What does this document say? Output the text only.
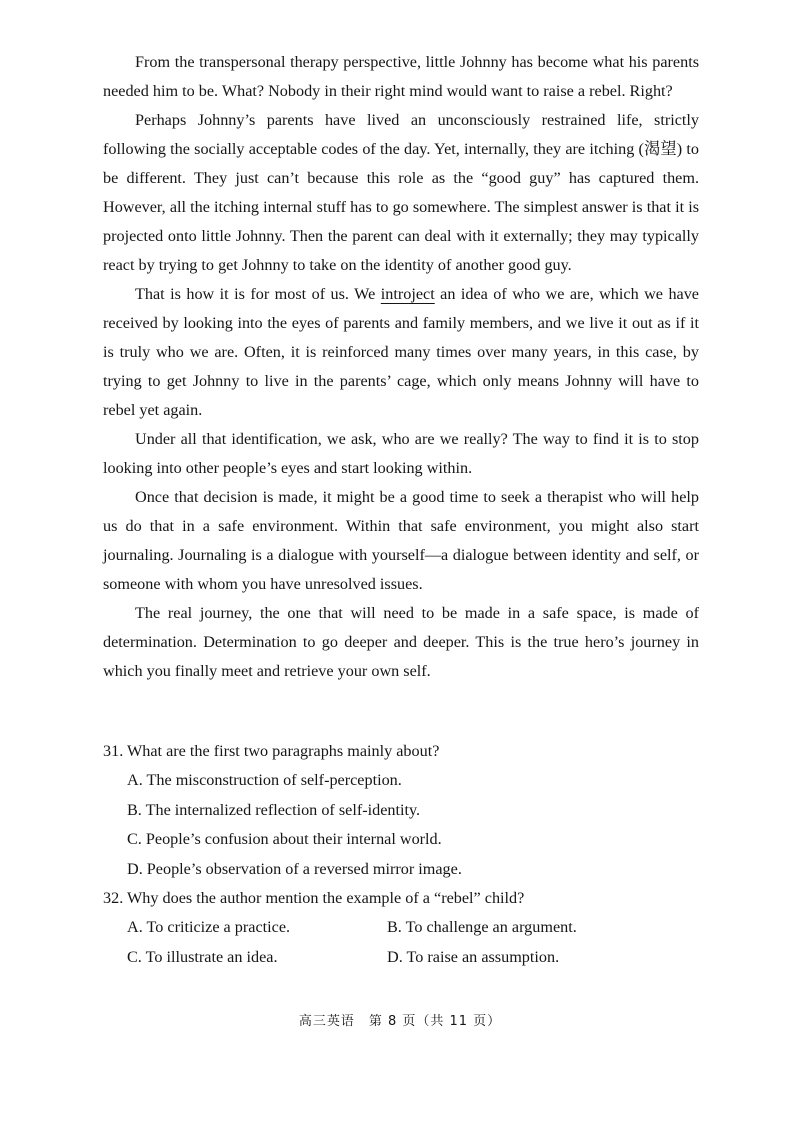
From the transpersonal therapy perspective, little Johnny has become what his parents needed him to be. What? Nobody in their right mind would want to raise a rebel. Right?

Perhaps Johnny’s parents have lived an unconsciously restrained life, strictly following the socially acceptable codes of the day. Yet, internally, they are itching (渴望) to be different. They just can’t because this role as the “good guy” has captured them. However, all the itching internal stuff has to go somewhere. The simplest answer is that it is projected onto little Johnny. Then the parent can deal with it externally; they may typically react by trying to get Johnny to take on the identity of another good guy.

That is how it is for most of us. We introject an idea of who we are, which we have received by looking into the eyes of parents and family members, and we live it out as if it is truly who we are. Often, it is reinforced many times over many years, in this case, by trying to get Johnny to live in the parents’ cage, which only means Johnny will have to rebel yet again.

Under all that identification, we ask, who are we really? The way to find it is to stop looking into other people’s eyes and start looking within.

Once that decision is made, it might be a good time to seek a therapist who will help us do that in a safe environment. Within that safe environment, you might also start journaling. Journaling is a dialogue with yourself—a dialogue between identity and self, or someone with whom you have unresolved issues.

The real journey, the one that will need to be made in a safe space, is made of determination. Determination to go deeper and deeper. This is the true hero’s journey in which you finally meet and retrieve your own self.

31. What are the first two paragraphs mainly about?

A. The misconstruction of self-perception.

B. The internalized reflection of self-identity.

C. People’s confusion about their internal world.

D. People’s observation of a reversed mirror image.

32. Why does the author mention the example of a “rebel” child?

A. To criticize a practice.	B. To challenge an argument.
C. To illustrate an idea.	D. To raise an assumption.
高三英语　第 8 页（共 11 页）
